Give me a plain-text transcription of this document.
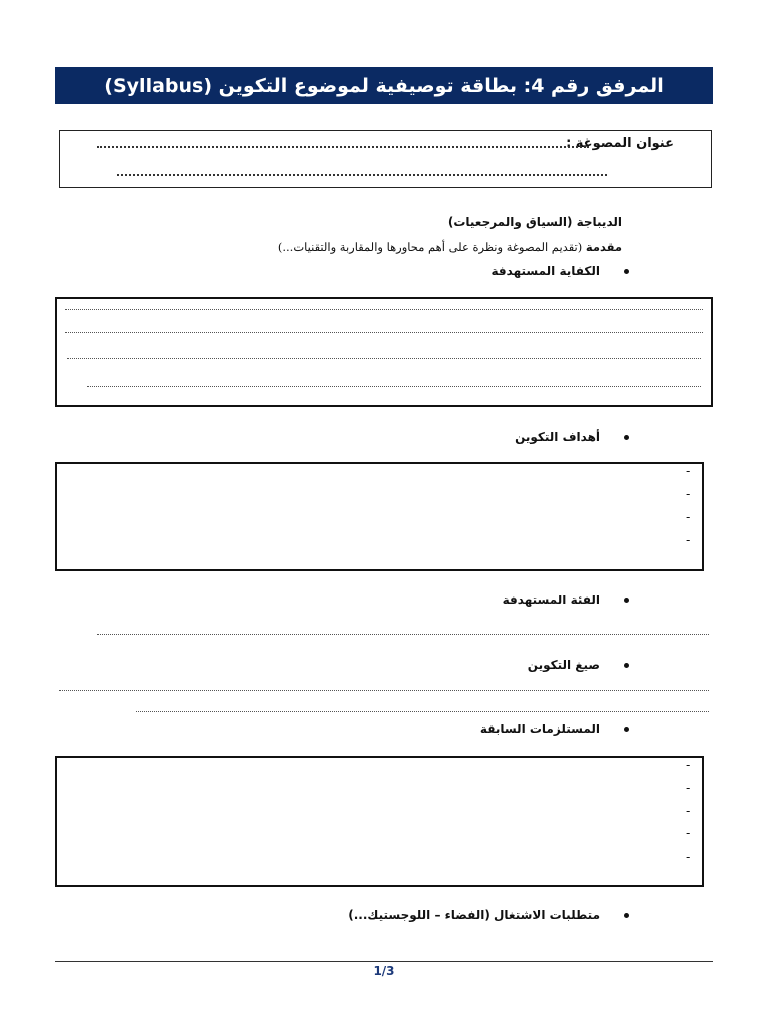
المرفق رقم 4: بطاقة توصيفية لموضوع التكوين (Syllabus)
عنوان المصوغة :
الديباجة (السياق والمرجعيات)
مقدمة (تقديم المصوغة ونظرة على أهم محاورها والمقاربة والتقنيات...)
الكفاية المستهدفة
أهداف التكوين
-
-
-
-
الفئة المستهدفة
صيغ التكوين
المستلزمات السابقة
-
-
-
-
-
متطلبات الاشتغال (الفضاء – اللوجستيك...)
1/3
